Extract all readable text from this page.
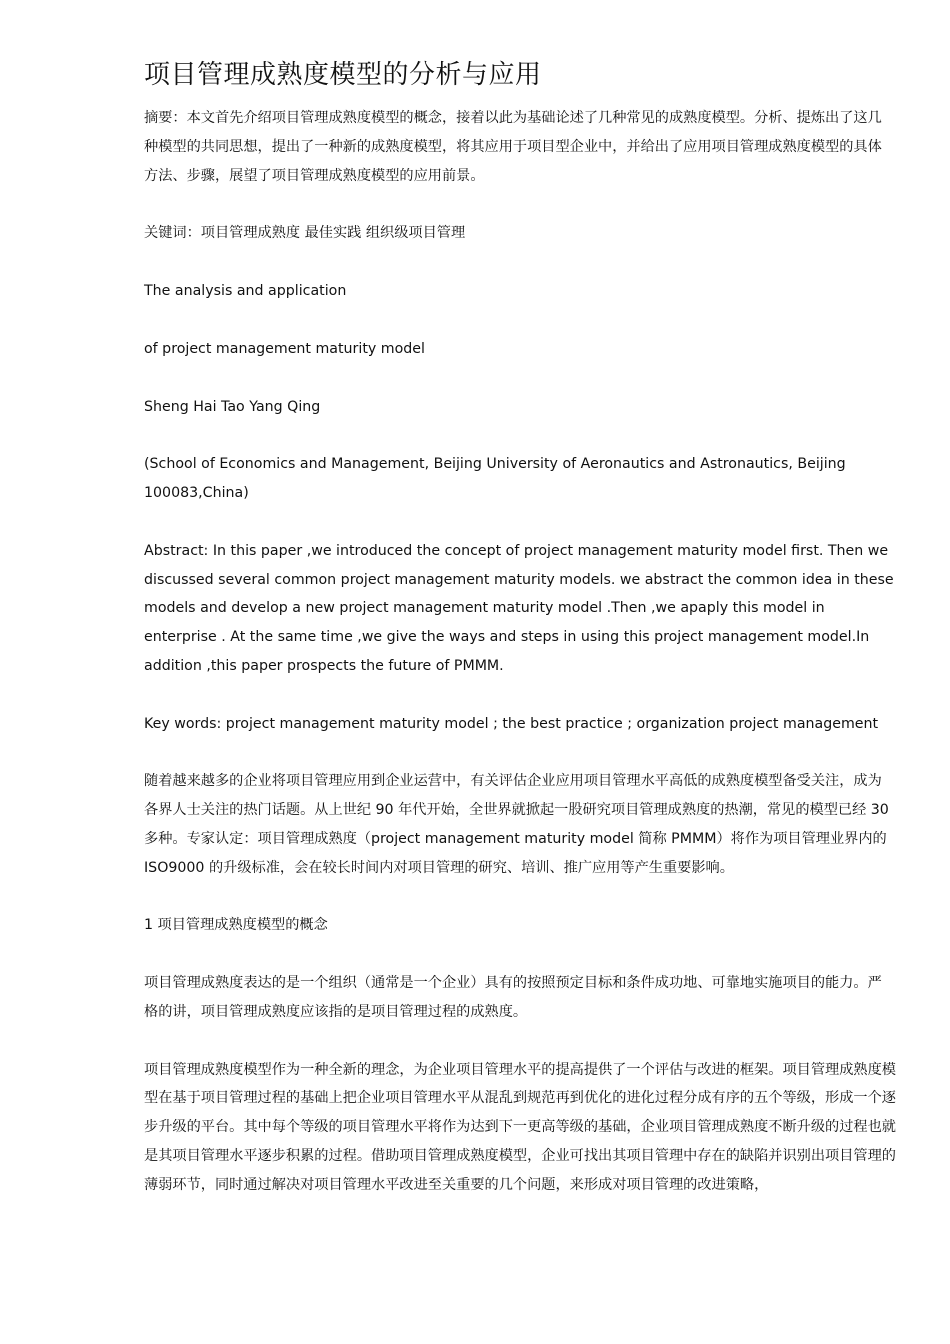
项目管理成熟度模型的分析与应用

摘要：本文首先介绍项目管理成熟度模型的概念，接着以此为基础论述了几种常见的成熟度模型。分析、提炼出了这几种模型的共同思想，提出了一种新的成熟度模型，将其应用于项目型企业中，并给出了应用项目管理成熟度模型的具体方法、步骤，展望了项目管理成熟度模型的应用前景。

关键词：项目管理成熟度 最佳实践 组织级项目管理

The analysis and application

of project management maturity model

Sheng Hai Tao Yang Qing

(School of Economics and Management, Beijing University of Aeronautics and Astronautics, Beijing 100083,China)

Abstract: In this paper ,we introduced the concept of project management maturity model first. Then we discussed several common project management maturity models. we abstract the common idea in these models and develop a new project management maturity model .Then ,we apaply this model in enterprise . At the same time ,we give the ways and steps in using this project management model.In addition ,this paper prospects the future of PMMM.

Key words: project management maturity model ; the best practice ; organization project management

随着越来越多的企业将项目管理应用到企业运营中，有关评估企业应用项目管理水平高低的成熟度模型备受关注，成为各界人士关注的热门话题。从上世纪 90 年代开始，全世界就掀起一股研究项目管理成熟度的热潮，常见的模型已经 30 多种。专家认定：项目管理成熟度（project management maturity model 简称 PMMM）将作为项目管理业界内的 ISO9000 的升级标准，会在较长时间内对项目管理的研究、培训、推广应用等产生重要影响。

1 项目管理成熟度模型的概念

项目管理成熟度表达的是一个组织（通常是一个企业）具有的按照预定目标和条件成功地、可靠地实施项目的能力。严格的讲，项目管理成熟度应该指的是项目管理过程的成熟度。

项目管理成熟度模型作为一种全新的理念，为企业项目管理水平的提高提供了一个评估与改进的框架。项目管理成熟度模型在基于项目管理过程的基础上把企业项目管理水平从混乱到规范再到优化的进化过程分成有序的五个等级，形成一个逐步升级的平台。其中每个等级的项目管理水平将作为达到下一更高等级的基础，企业项目管理成熟度不断升级的过程也就是其项目管理水平逐步积累的过程。借助项目管理成熟度模型，企业可找出其项目管理中存在的缺陷并识别出项目管理的薄弱环节，同时通过解决对项目管理水平改进至关重要的几个问题，来形成对项目管理的改进策略，
